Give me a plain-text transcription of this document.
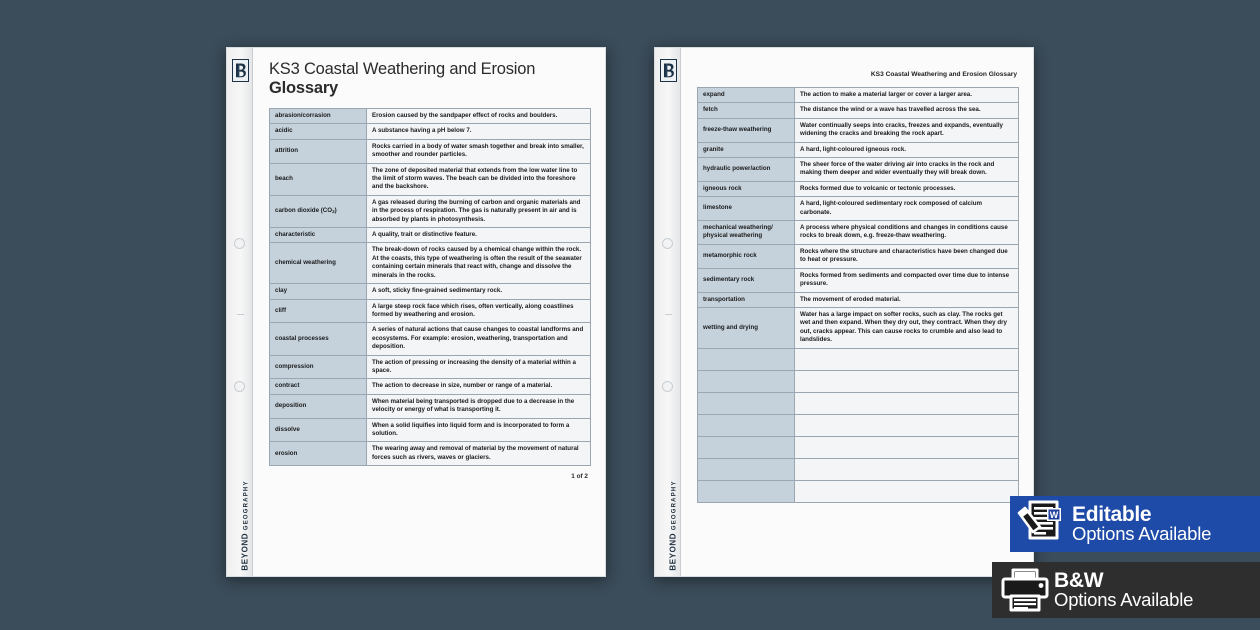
BEYOND GEOGRAPHY
KS3 Coastal Weathering and Erosion
Glossary
abrasion/corrasion	Erosion caused by the sandpaper effect of rocks and boulders.
acidic	A substance having a pH below 7.
attrition	Rocks carried in a body of water smash together and break into smaller, smoother and rounder particles.
beach	The zone of deposited material that extends from the low water line to the limit of storm waves. The beach can be divided into the foreshore and the backshore.
carbon dioxide $(CO_2)$	A gas released during the burning of carbon and organic materials and in the process of respiration. The gas is naturally present in air and is absorbed by plants in photosynthesis.
characteristic	A quality, trait or distinctive feature.
chemical weathering	The break-down of rocks caused by a chemical change within the rock. At the coasts, this type of weathering is often the result of the seawater containing certain minerals that react with, change and dissolve the minerals in the rocks.
clay	A soft, sticky fine-grained sedimentary rock.
cliff	A large steep rock face which rises, often vertically, along coastlines formed by weathering and erosion.
coastal processes	A series of natural actions that cause changes to coastal landforms and ecosystems. For example: erosion, weathering, transportation and deposition.
compression	The action of pressing or increasing the density of a material within a space.
contract	The action to decrease in size, number or range of a material.
deposition	When material being transported is dropped due to a decrease in the velocity or energy of what is transporting it.
dissolve	When a solid liquifies into liquid form and is incorporated to form a solution.
erosion	The wearing away and removal of material by the movement of natural forces such as rivers, waves or glaciers.
1 of 2
BEYOND GEOGRAPHY
KS3 Coastal Weathering and Erosion Glossary
expand	The action to make a material larger or cover a larger area.
fetch	The distance the wind or a wave has travelled across the sea.
freeze-thaw weathering	Water continually seeps into cracks, freezes and expands, eventually widening the cracks and breaking the rock apart.
granite	A hard, light-coloured igneous rock.
hydraulic power/action	The sheer force of the water driving air into cracks in the rock and making them deeper and wider eventually they will break down.
igneous rock	Rocks formed due to volcanic or tectonic processes.
limestone	A hard, light-coloured sedimentary rock composed of calcium carbonate.
mechanical weathering/ physical weathering	A process where physical conditions and changes in conditions cause rocks to break down, e.g. freeze-thaw weathering.
metamorphic rock	Rocks where the structure and characteristics have been changed due to heat or pressure.
sedimentary rock	Rocks formed from sediments and compacted over time due to intense pressure.
transportation	The movement of eroded material.
wetting and drying	Water has a large impact on softer rocks, such as clay. The rocks get wet and then expand. When they dry out, they contract. When they dry out, cracks appear. This can cause rocks to crumble and also lead to landslides.

W Editable
Options Available
B&W
Options Available
